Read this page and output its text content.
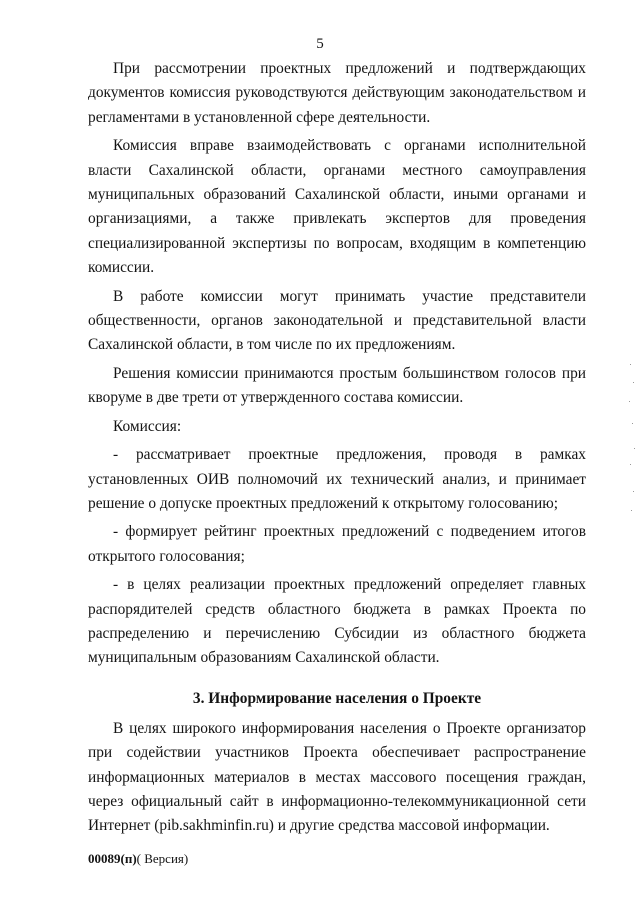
5

При рассмотрении проектных предложений и подтверждающих документов комиссия руководствуются действующим законодательством и регламентами в установленной сфере деятельности.

Комиссия вправе взаимодействовать с органами исполнительной власти Сахалинской области, органами местного самоуправления муниципальных образований Сахалинской области, иными органами и организациями, а также привлекать экспертов для проведения специализированной экспертизы по вопросам, входящим в компетенцию комиссии.

В работе комиссии могут принимать участие представители общественности, органов законодательной и представительной власти Сахалинской области, в том числе по их предложениям.

Решения комиссии принимаются простым большинством голосов при кворуме в две трети от утвержденного состава комиссии.

Комиссия:

- рассматривает проектные предложения, проводя в рамках установленных ОИВ полномочий их технический анализ, и принимает решение о допуске проектных предложений к открытому голосованию;

- формирует рейтинг проектных предложений с подведением итогов открытого голосования;

- в целях реализации проектных предложений определяет главных распорядителей средств областного бюджета в рамках Проекта по распределению и перечислению Субсидии из областного бюджета муниципальным образованиям Сахалинской области.

3. Информирование населения о Проекте

В целях широкого информирования населения о Проекте организатор при содействии участников Проекта обеспечивает распространение информационных материалов в местах массового посещения граждан, через официальный сайт в информационно-телекоммуникационной сети Интернет (pib.sakhminfin.ru) и другие средства массовой информации.

00089(п)( Версия)
